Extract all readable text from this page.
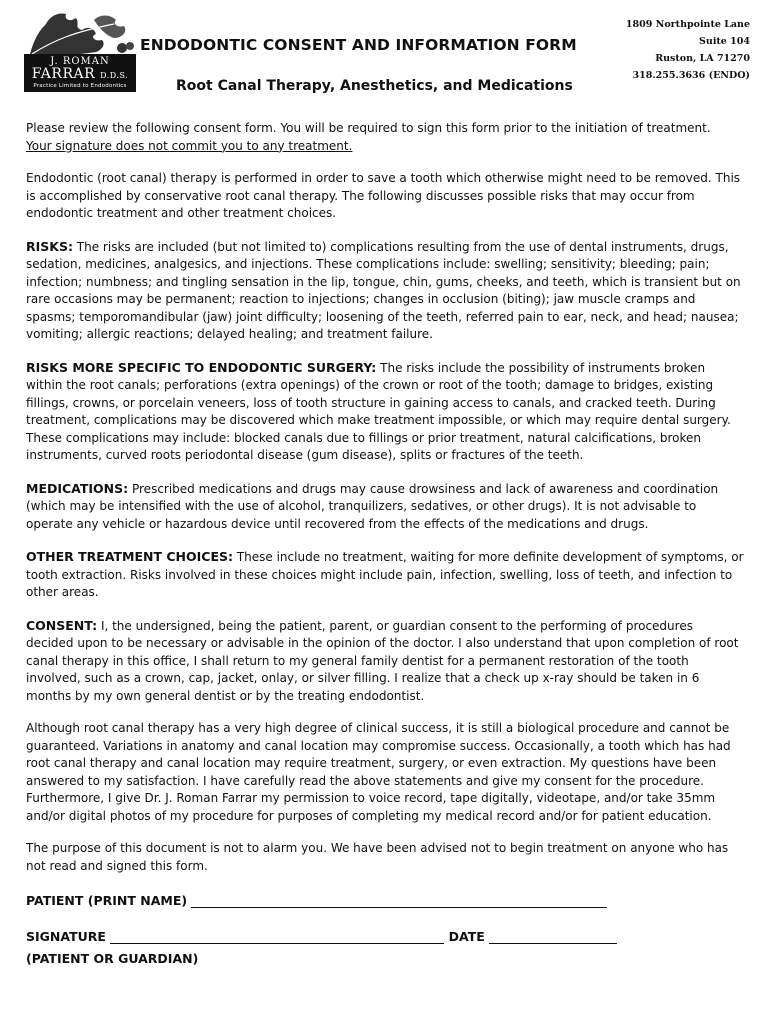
J. ROMAN
FARRAR D.D.S.
Practice Limited to Endodontics
ENDODONTIC CONSENT AND INFORMATION FORM
Root Canal Therapy, Anesthetics, and Medications
1809 Northpointe Lane
Suite 104
Ruston, LA 71270
318.255.3636 (ENDO)

Please review the following consent form. You will be required to sign this form prior to the initiation of treatment.
Your signature does not commit you to any treatment.

Endodontic (root canal) therapy is performed in order to save a tooth which otherwise might need to be removed. This is accomplished by conservative root canal therapy. The following discusses possible risks that may occur from endodontic treatment and other treatment choices.

RISKS: The risks are included (but not limited to) complications resulting from the use of dental instruments, drugs, sedation, medicines, analgesics, and injections. These complications include: swelling; sensitivity; bleeding; pain; infection; numbness; and tingling sensation in the lip, tongue, chin, gums, cheeks, and teeth, which is transient but on rare occasions may be permanent; reaction to injections; changes in occlusion (biting); jaw muscle cramps and spasms; temporomandibular (jaw) joint difficulty; loosening of the teeth, referred pain to ear, neck, and head; nausea; vomiting; allergic reactions; delayed healing; and treatment failure.

RISKS MORE SPECIFIC TO ENDODONTIC SURGERY: The risks include the possibility of instruments broken within the root canals; perforations (extra openings) of the crown or root of the tooth; damage to bridges, existing fillings, crowns, or porcelain veneers, loss of tooth structure in gaining access to canals, and cracked teeth. During treatment, complications may be discovered which make treatment impossible, or which may require dental surgery. These complications may include: blocked canals due to fillings or prior treatment, natural calcifications, broken instruments, curved roots periodontal disease (gum disease), splits or fractures of the teeth.

MEDICATIONS: Prescribed medications and drugs may cause drowsiness and lack of awareness and coordination (which may be intensified with the use of alcohol, tranquilizers, sedatives, or other drugs). It is not advisable to operate any vehicle or hazardous device until recovered from the effects of the medications and drugs.

OTHER TREATMENT CHOICES: These include no treatment, waiting for more definite development of symptoms, or tooth extraction. Risks involved in these choices might include pain, infection, swelling, loss of teeth, and infection to other areas.

CONSENT: I, the undersigned, being the patient, parent, or guardian consent to the performing of procedures decided upon to be necessary or advisable in the opinion of the doctor. I also understand that upon completion of root canal therapy in this office, I shall return to my general family dentist for a permanent restoration of the tooth involved, such as a crown, cap, jacket, onlay, or silver filling. I realize that a check up x-ray should be taken in 6 months by my own general dentist or by the treating endodontist.

Although root canal therapy has a very high degree of clinical success, it is still a biological procedure and cannot be guaranteed. Variations in anatomy and canal location may compromise success. Occasionally, a tooth which has had root canal therapy and canal location may require treatment, surgery, or even extraction. My questions have been answered to my satisfaction. I have carefully read the above statements and give my consent for the procedure. Furthermore, I give Dr. J. Roman Farrar my permission to voice record, tape digitally, videotape, and/or take 35mm and/or digital photos of my procedure for purposes of completing my medical record and/or for patient education.

The purpose of this document is not to alarm you. We have been advised not to begin treatment on anyone who has not read and signed this form.

PATIENT (PRINT NAME)
SIGNATURE	DATE
(PATIENT OR GUARDIAN)
